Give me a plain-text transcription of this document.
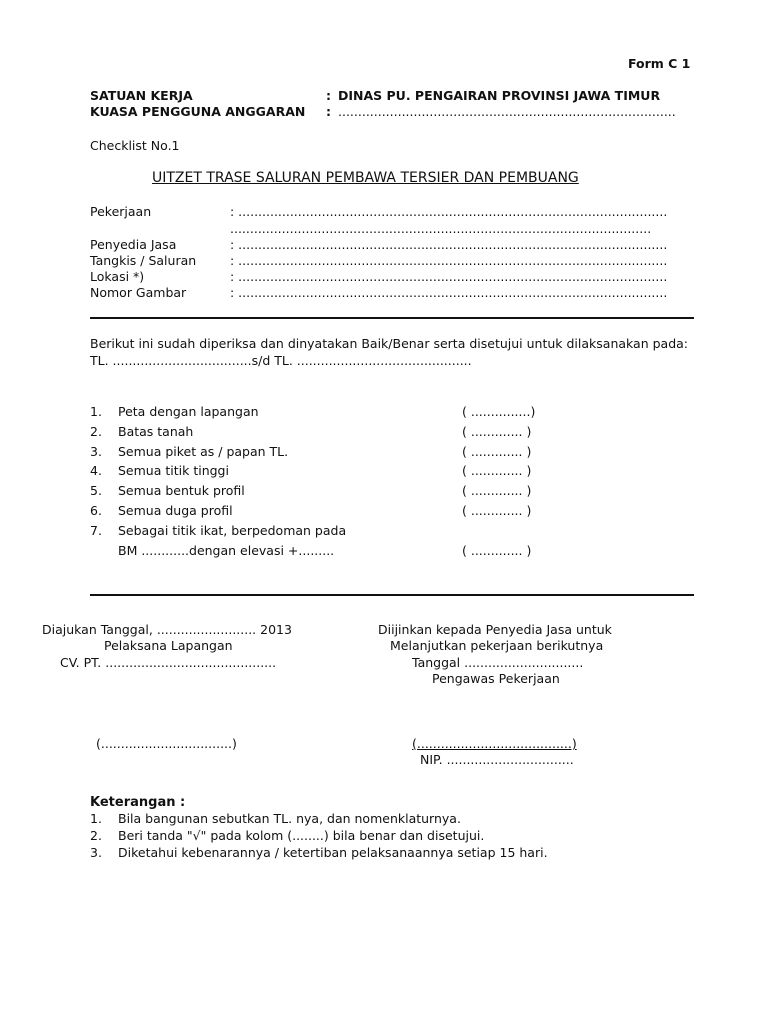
Form C 1
SATUAN KERJA	: DINAS PU. PENGAIRAN PROVINSI JAWA TIMUR
KUASA PENGGUNA ANGGARAN : .....................................................................................
Checklist No.1
UITZET TRASE SALURAN PEMBAWA TERSIER DAN PEMBUANG
Pekerjaan	: ............................................................................................................
..........................................................................................................
Penyedia Jasa	: ............................................................................................................
Tangkis / Saluran	: ............................................................................................................
Lokasi *)	: ............................................................................................................
Nomor Gambar	: ............................................................................................................
Berikut ini sudah diperiksa dan dinyatakan Baik/Benar serta disetujui untuk dilaksanakan pada:
TL. ...................................s/d TL. ............................................
1. Peta dengan lapangan	( ...............)
2. Batas tanah	( ............. )
3. Semua piket as / papan TL.	( ............. )
4. Semua titik tinggi	( ............. )
5. Semua bentuk profil	( ............. )
6. Semua duga profil	( ............. )
7. Sebagai titik ikat, berpedoman pada
BM ............dengan elevasi +.........	( ............. )
Diajukan Tanggal, ......................... 2013
Pelaksana Lapangan
CV. PT. ...........................................
(.................................)
Diijinkan kepada Penyedia Jasa untuk
Melanjutkan pekerjaan berikutnya
Tanggal ..............................
Pengawas Pekerjaan
(.......................................)
NIP. ................................
Keterangan :
1. Bila bangunan sebutkan TL. nya, dan nomenklaturnya.
2. Beri tanda "√" pada kolom (........) bila benar dan disetujui.
3. Diketahui kebenarannya / ketertiban pelaksanaannya setiap 15 hari.
